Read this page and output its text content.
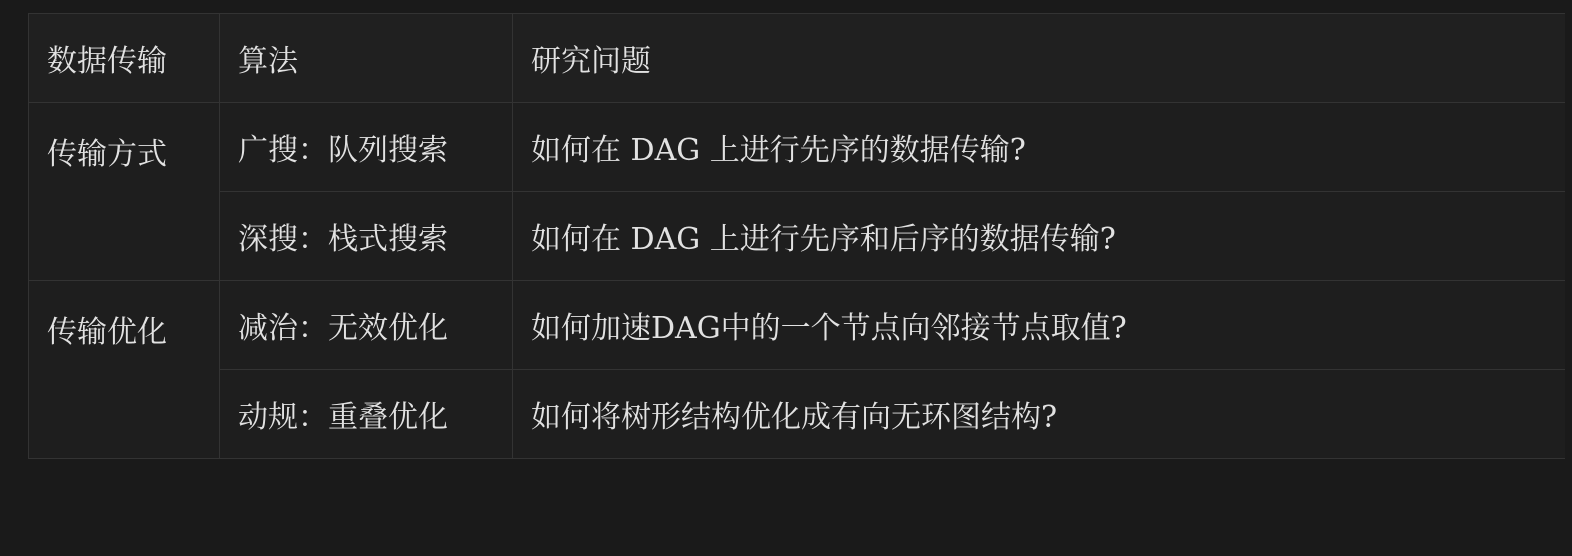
数据传输	算法	研究问题
传输方式	广搜：队列搜索	如何在 DAG 上进行先序的数据传输?
	深搜：栈式搜索	如何在 DAG 上进行先序和后序的数据传输?
传输优化	减治：无效优化	如何加速DAG中的一个节点向邻接节点取值?
	动规：重叠优化	如何将树形结构优化成有向无环图结构?
